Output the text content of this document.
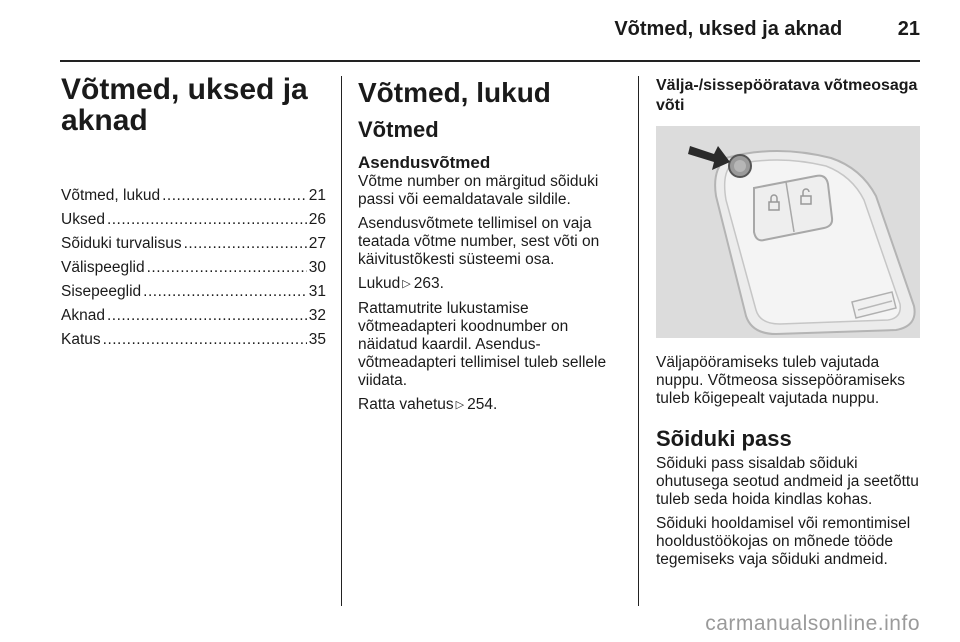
Võtmed, uksed ja aknad	21
Võtmed, uksed ja aknad
Võtmed, lukud .....	21
Uksed .....	26
Sõiduki turvalisus .....	27
Välispeeglid .....	30
Sisepeeglid .....	31
Aknad .....	32
Katus .....	35
Võtmed, lukud
Võtmed
Asendusvõtmed

Võtme number on märgitud sõiduki passi või eemaldatavale sildile.

Asendusvõtmete tellimisel on vaja teatada võtme number, sest võti on käivitustõkesti süsteemi osa.

Lukud ▷ 263.

Rattamutrite lukustamise võtmeadapteri koodnumber on näidatud kaardil. Asendus-võtmeadapteri tellimisel tuleb sellele viidata.

Ratta vahetus ▷ 254.

Välja-/sissepööratava võtmeosaga võti

Väljapööramiseks tuleb vajutada nuppu. Võtmeosa sissepööramiseks tuleb kõigepealt vajutada nuppu.

Sõiduki pass

Sõiduki pass sisaldab sõiduki ohutusega seotud andmeid ja seetõttu tuleb seda hoida kindlas kohas.

Sõiduki hooldamisel või remontimisel hooldustöökojas on mõnede tööde tegemiseks vaja sõiduki andmeid.

carmanualsonline.info
